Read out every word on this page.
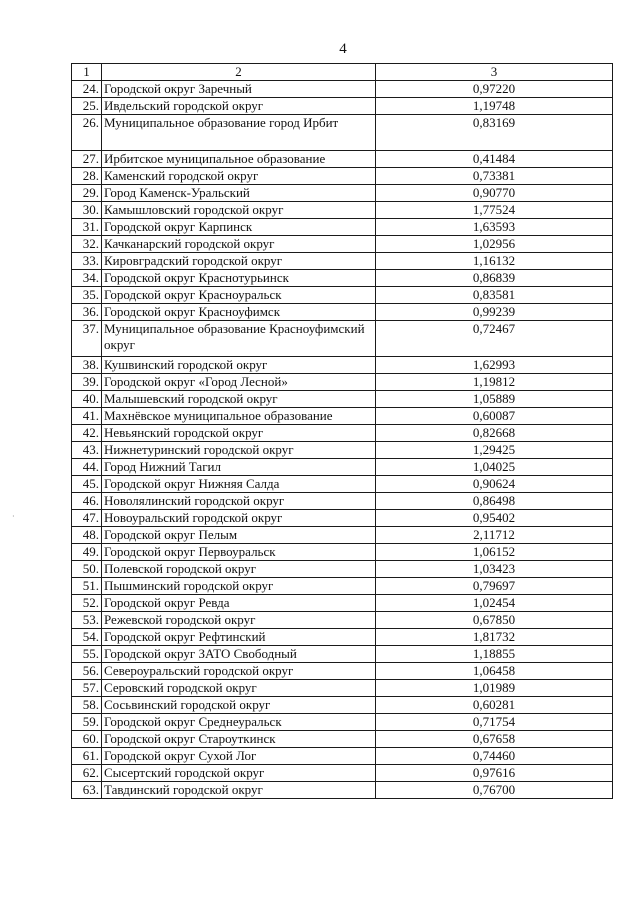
4
1	2	3
24.	Городской округ Заречный	0,97220
25.	Ивдельский городской округ	1,19748
26.	Муниципальное образование город Ирбит	0,83169
27.	Ирбитское муниципальное образование	0,41484
28.	Каменский городской округ	0,73381
29.	Город Каменск-Уральский	0,90770
30.	Камышловский городской округ	1,77524
31.	Городской округ Карпинск	1,63593
32.	Качканарский городской округ	1,02956
33.	Кировградский городской округ	1,16132
34.	Городской округ Краснотурьинск	0,86839
35.	Городской округ Красноуральск	0,83581
36.	Городской округ Красноуфимск	0,99239
37.	Муниципальное образование Красноуфимский округ	0,72467
38.	Кушвинский городской округ	1,62993
39.	Городской округ «Город Лесной»	1,19812
40.	Малышевский городской округ	1,05889
41.	Махнёвское муниципальное образование	0,60087
42.	Невьянский городской округ	0,82668
43.	Нижнетуринский городской округ	1,29425
44.	Город Нижний Тагил	1,04025
45.	Городской округ Нижняя Салда	0,90624
46.	Новолялинский городской округ	0,86498
47.	Новоуральский городской округ	0,95402
48.	Городской округ Пелым	2,11712
49.	Городской округ Первоуральск	1,06152
50.	Полевской городской округ	1,03423
51.	Пышминский городской округ	0,79697
52.	Городской округ Ревда	1,02454
53.	Режевской городской округ	0,67850
54.	Городской округ Рефтинский	1,81732
55.	Городской округ ЗАТО Свободный	1,18855
56.	Североуральский городской округ	1,06458
57.	Серовский городской округ	1,01989
58.	Сосьвинский городской округ	0,60281
59.	Городской округ Среднеуральск	0,71754
60.	Городской округ Староуткинск	0,67658
61.	Городской округ Сухой Лог	0,74460
62.	Сысертский городской округ	0,97616
63.	Тавдинский городской округ	0,76700
·
